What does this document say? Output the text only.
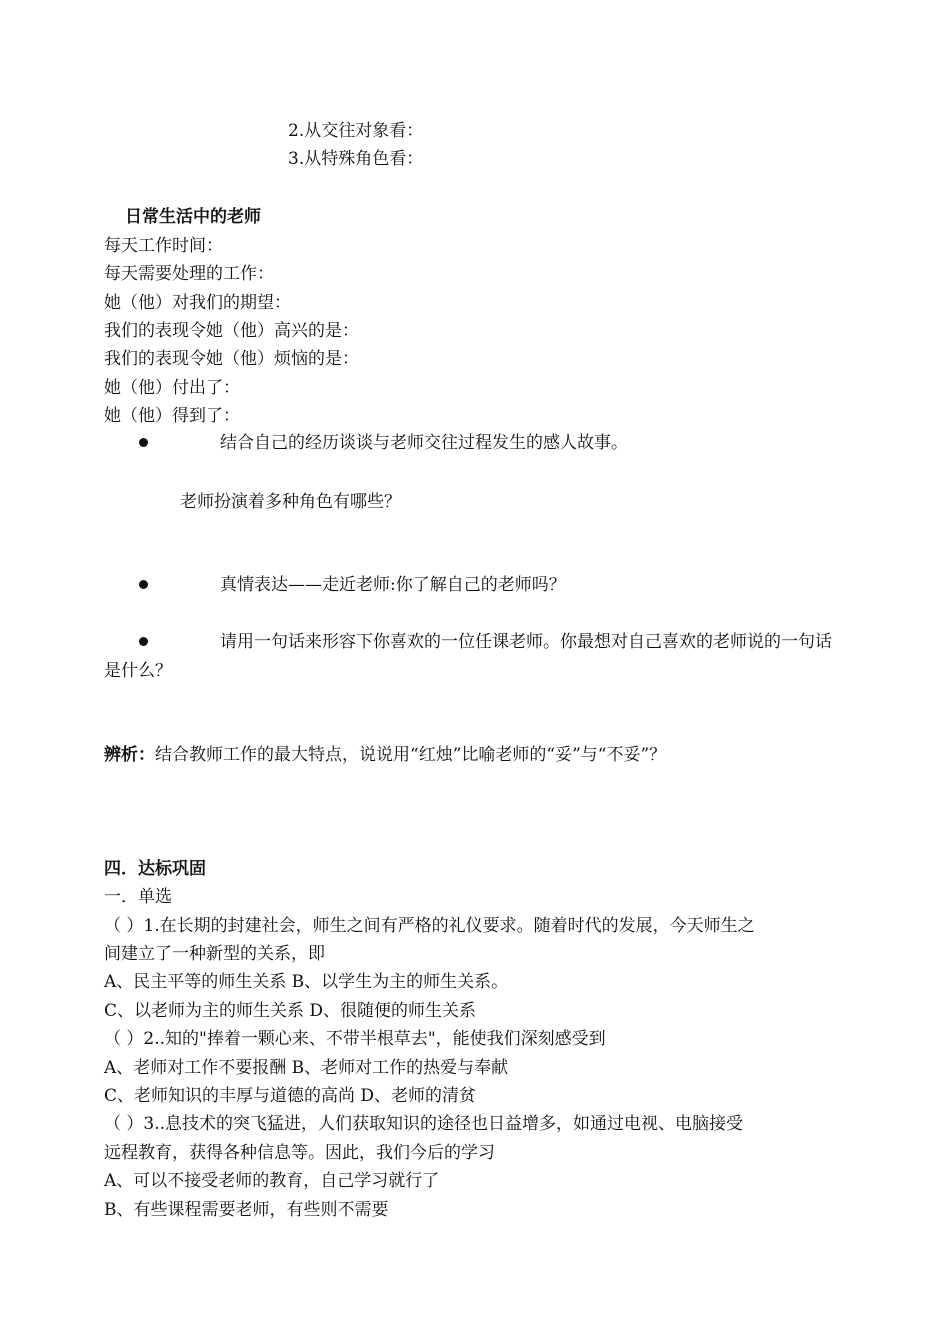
2.从交往对象看：
3.从特殊角色看：
日常生活中的老师
每天工作时间：
每天需要处理的工作：
她（他）对我们的期望：
我们的表现令她（他）高兴的是：
我们的表现令她（他）烦恼的是：
她（他）付出了：
她（他）得到了：
结合自己的经历谈谈与老师交往过程发生的感人故事。
老师扮演着多种角色有哪些？
真情表达——走近老师:你了解自己的老师吗？
请用一句话来形容下你喜欢的一位任课老师。你最想对自己喜欢的老师说的一句话是什么？
辨析：结合教师工作的最大特点，说说用“红烛”比喻老师的“妥”与“不妥”？
四．达标巩固
一．单选
（ ）1.在长期的封建社会，师生之间有严格的礼仪要求。随着时代的发展，今天师生之
间建立了一种新型的关系，即
A、民主平等的师生关系 B、以学生为主的师生关系。
C、以老师为主的师生关系 D、很随便的师生关系
（ ）2..知的"捧着一颗心来、不带半根草去"，能使我们深刻感受到
A、老师对工作不要报酬 B、老师对工作的热爱与奉献
C、老师知识的丰厚与道德的高尚 D、老师的清贫
（ ）3..息技术的突飞猛进，人们获取知识的途径也日益增多，如通过电视、电脑接受
远程教育，获得各种信息等。因此，我们今后的学习
A、可以不接受老师的教育，自己学习就行了
B、有些课程需要老师，有些则不需要
